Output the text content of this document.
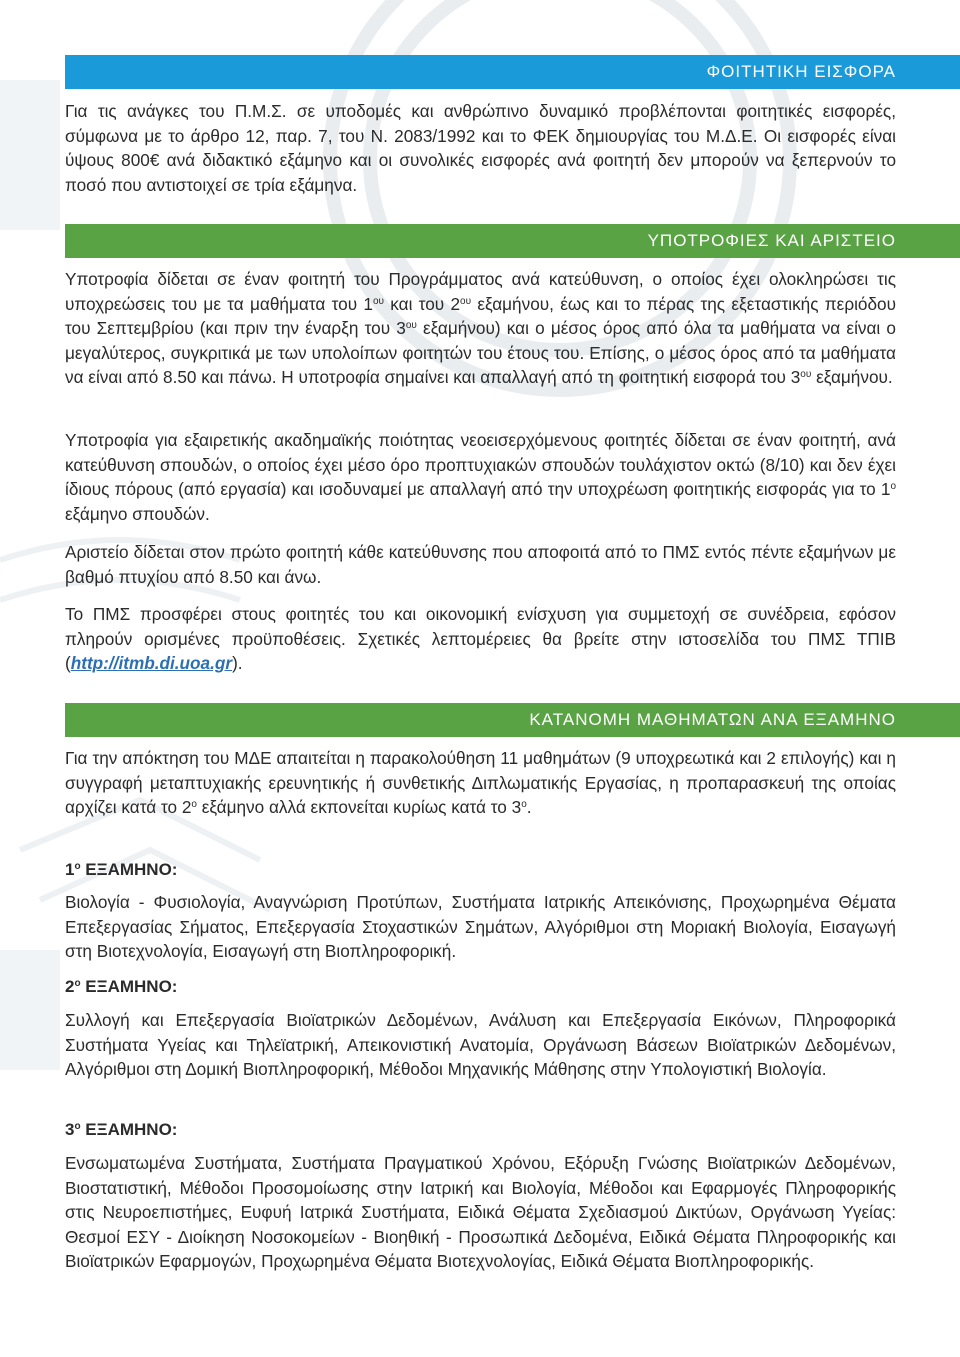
ΦΟΙΤΗΤΙΚΗ ΕΙΣΦΟΡΑ

Για τις ανάγκες του Π.Μ.Σ. σε υποδομές και ανθρώπινο δυναμικό προβλέπονται φοιτητικές εισφορές, σύμφωνα με το άρθρο 12, παρ. 7, του Ν. 2083/1992 και το ΦΕΚ δημιουργίας του Μ.Δ.Ε. Οι εισφορές είναι ύψους 800€ ανά διδακτικό εξάμηνο και οι συνολικές εισφορές ανά φοιτητή δεν μπορούν να ξεπερνούν το ποσό που αντιστοιχεί σε τρία εξάμηνα.

ΥΠΟΤΡΟΦΙΕΣ ΚΑΙ ΑΡΙΣΤΕΙΟ

Υποτροφία δίδεται σε έναν φοιτητή του Προγράμματος ανά κατεύθυνση, ο οποίος έχει ολοκληρώσει τις υποχρεώσεις του με τα μαθήματα του $1^{o\upsilon}$ και του $2^{o\upsilon}$ εξαμήνου, έως και το πέρας της εξεταστικής περιόδου του Σεπτεμβρίου (και πριν την έναρξη του $3^{o\upsilon}$ εξαμήνου) και ο μέσος όρος από όλα τα μαθήματα να είναι ο μεγαλύτερος, συγκριτικά με των υπολοίπων φοιτητών του έτους του. Επίσης, ο μέσος όρος από τα μαθήματα να είναι από 8.50 και πάνω. Η υποτροφία σημαίνει και απαλλαγή από τη φοιτητική εισφορά του $3^{o\upsilon}$ εξαμήνου.

Υποτροφία για εξαιρετικής ακαδημαϊκής ποιότητας νεοεισερχόμενους φοιτητές δίδεται σε έναν φοιτητή, ανά κατεύθυνση σπουδών, ο οποίος έχει μέσο όρο προπτυχιακών σπουδών τουλάχιστον οκτώ (8/10) και δεν έχει ίδιους πόρους (από εργασία) και ισοδυναμεί με απαλλαγή από την υποχρέωση φοιτητικής εισφοράς για το $1^o$ εξάμηνο σπουδών.

Αριστείο δίδεται στον πρώτο φοιτητή κάθε κατεύθυνσης που αποφοιτά από το ΠΜΣ εντός πέντε εξαμήνων με βαθμό πτυχίου από 8.50 και άνω.

Το ΠΜΣ προσφέρει στους φοιτητές του και οικονομική ενίσχυση για συμμετοχή σε συνέδρεια, εφόσον πληρούν ορισμένες προϋποθέσεις. Σχετικές λεπτομέρειες θα βρείτε στην ιστοσελίδα του ΠΜΣ ΤΠΙΒ (http://itmb.di.uoa.gr).

ΚΑΤΑΝΟΜΗ ΜΑΘΗΜΑΤΩΝ ΑΝΑ ΕΞΑΜΗΝΟ

Για την απόκτηση του ΜΔΕ απαιτείται η παρακολούθηση 11 μαθημάτων (9 υποχρεωτικά και 2 επιλογής) και η συγγραφή μεταπτυχιακής ερευνητικής ή συνθετικής Διπλωματικής Εργασίας, η προπαρασκευή της οποίας αρχίζει κατά το $2^o$ εξάμηνο αλλά εκπονείται κυρίως κατά το $3^o$.

$1^o$ ΕΞΑΜΗΝΟ:

Βιολογία - Φυσιολογία, Αναγνώριση Προτύπων, Συστήματα Ιατρικής Απεικόνισης, Προχωρημένα Θέματα Επεξεργασίας Σήματος, Επεξεργασία Στοχαστικών Σημάτων, Αλγόριθμοι στη Μοριακή Βιολογία, Εισαγωγή στη Βιοτεχνολογία, Εισαγωγή στη Βιοπληροφορική.

$2^o$ ΕΞΑΜΗΝΟ:

Συλλογή και Επεξεργασία Βιοϊατρικών Δεδομένων, Ανάλυση και Επεξεργασία Εικόνων, Πληροφορικά Συστήματα Υγείας και Τηλεϊατρική, Απεικονιστική Ανατομία, Οργάνωση Βάσεων Βιοϊατρικών Δεδομένων, Αλγόριθμοι στη Δομική Βιοπληροφορική, Μέθοδοι Μηχανικής Μάθησης στην Υπολογιστική Βιολογία.

$3^o$ ΕΞΑΜΗΝΟ:

Ενσωματωμένα Συστήματα, Συστήματα Πραγματικού Χρόνου, Εξόρυξη Γνώσης Βιοϊατρικών Δεδομένων, Βιοστατιστική, Μέθοδοι Προσομοίωσης στην Ιατρική και Βιολογία, Μέθοδοι και Εφαρμογές Πληροφορικής στις Νευροεπιστήμες, Ευφυή Ιατρικά Συστήματα, Ειδικά Θέματα Σχεδιασμού Δικτύων, Οργάνωση Υγείας: Θεσμοί ΕΣΥ - Διοίκηση Νοσοκομείων - Βιοηθική - Προσωπικά Δεδομένα, Ειδικά Θέματα Πληροφορικής και Βιοϊατρικών Εφαρμογών, Προχωρημένα Θέματα Βιοτεχνολογίας, Ειδικά Θέματα Βιοπληροφορικής.
